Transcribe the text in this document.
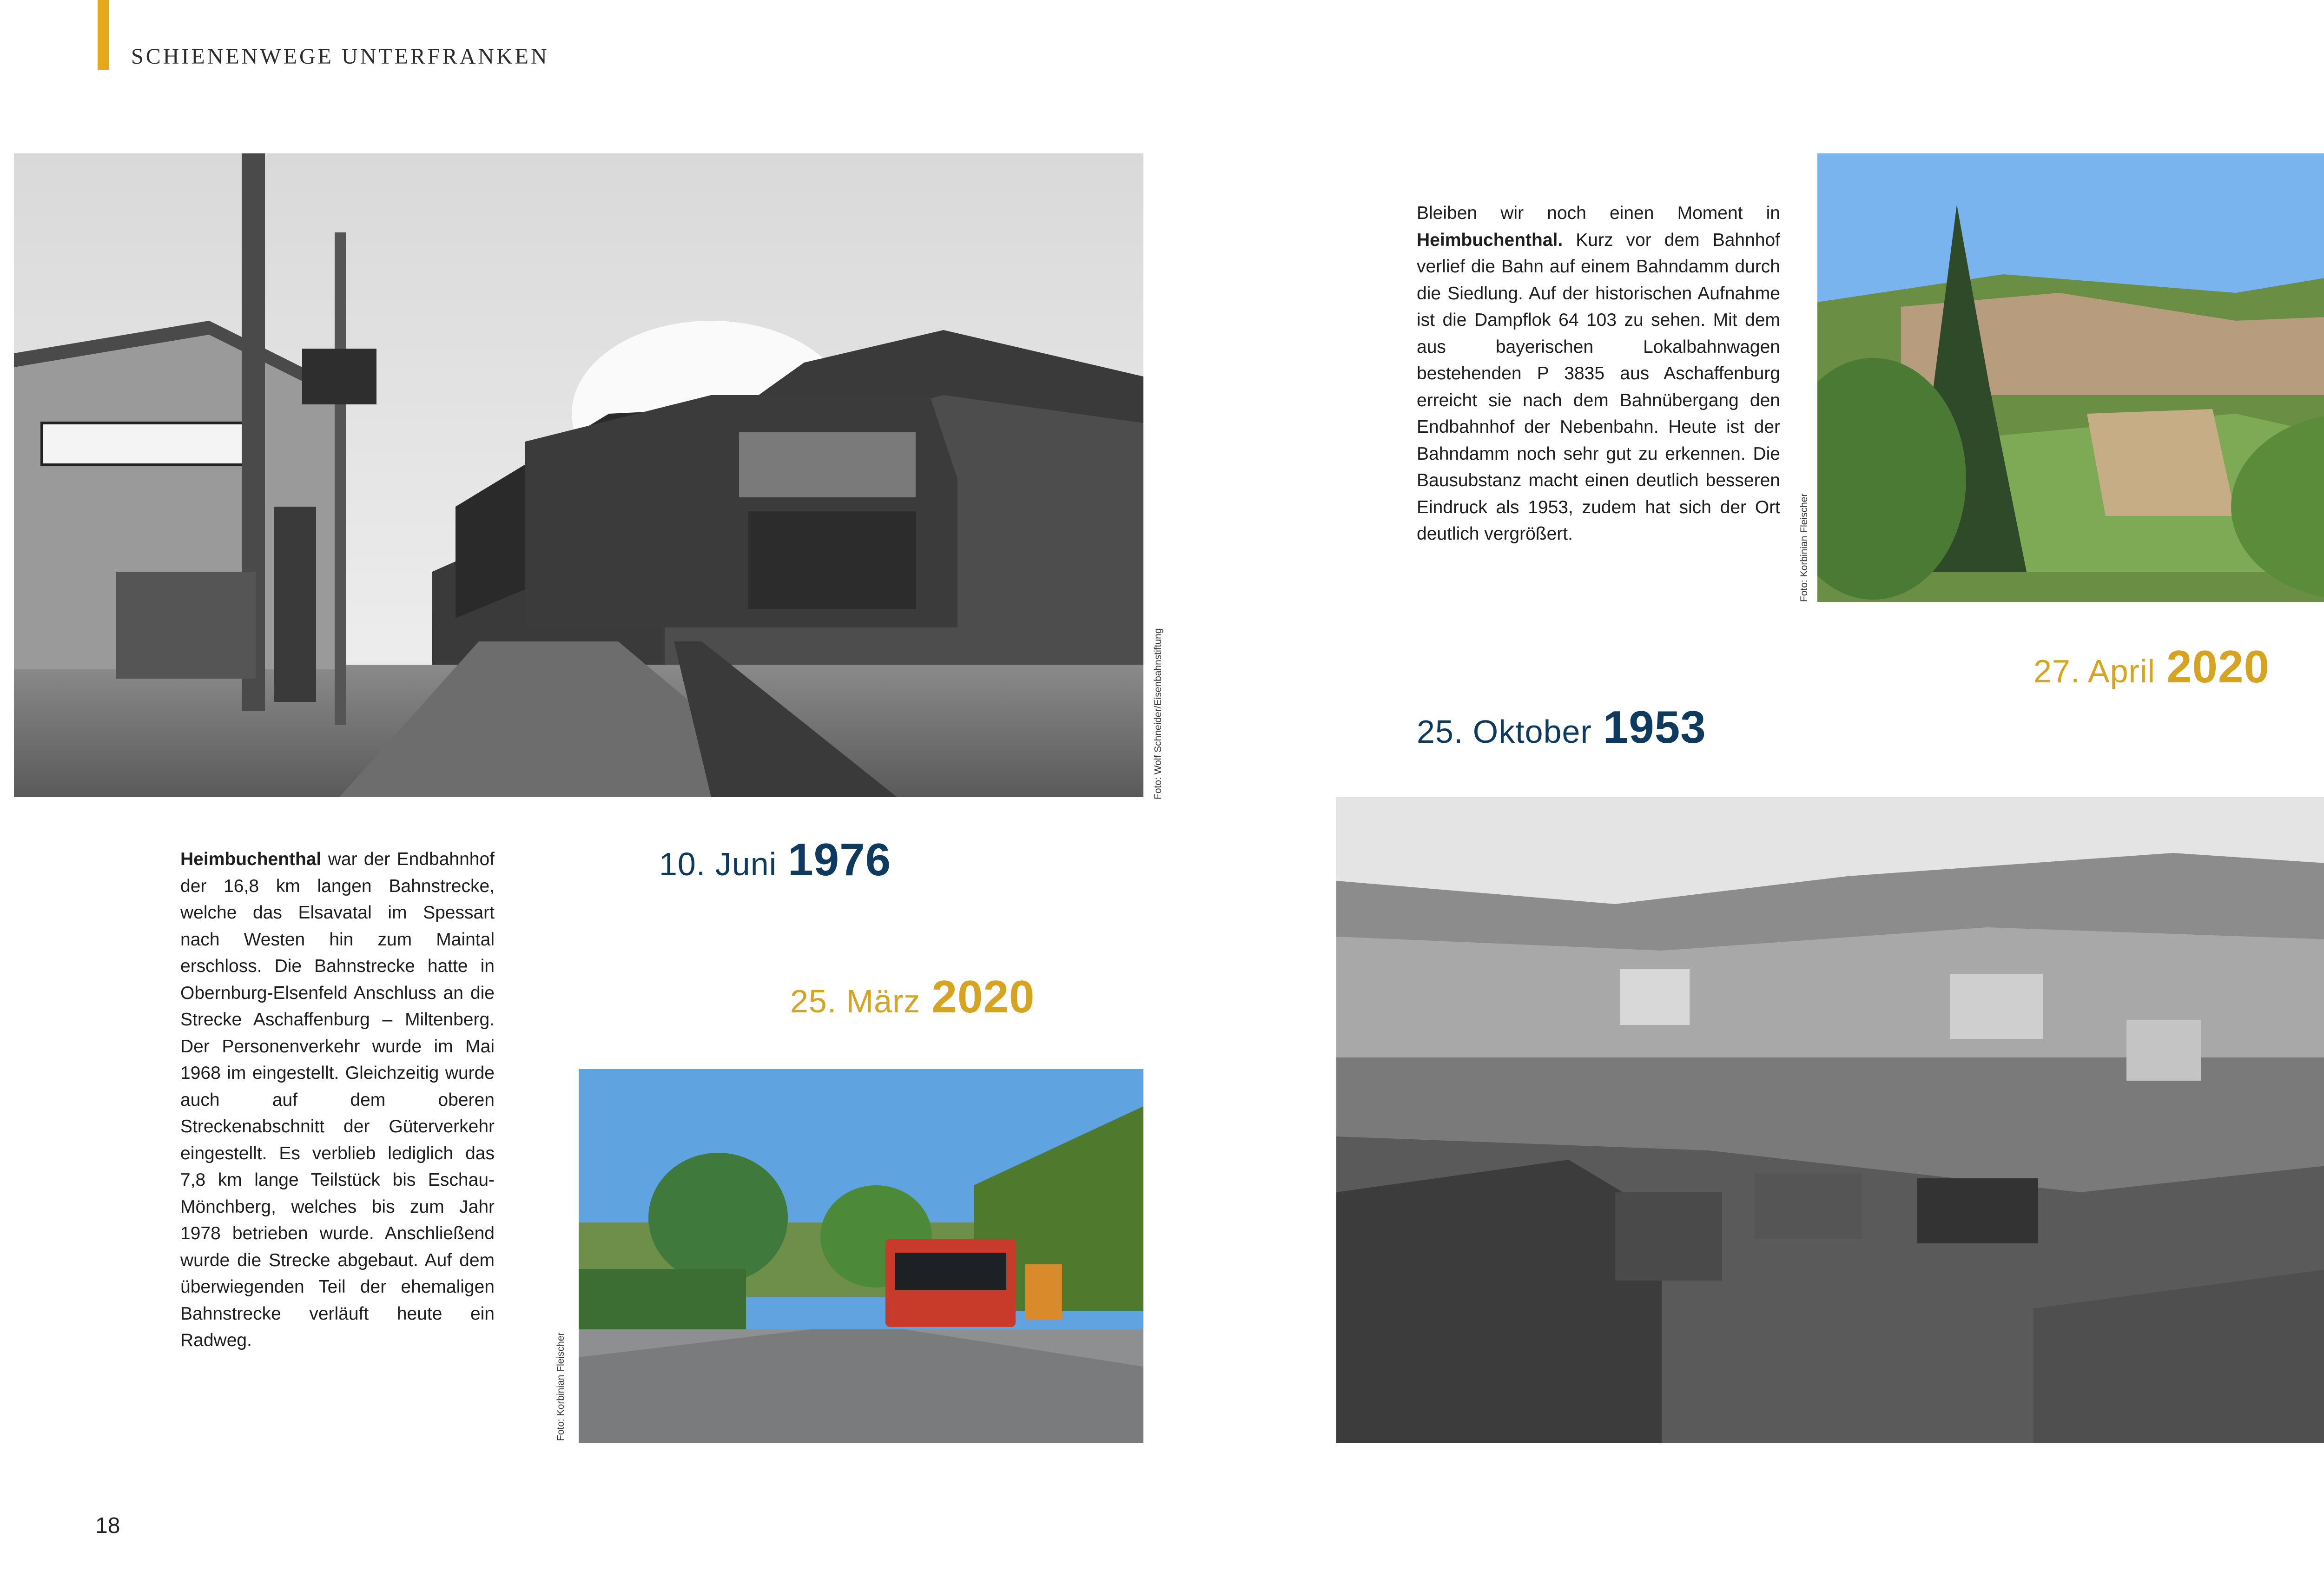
SCHIENENWEGE UNTERFRANKEN
Foto: Wolf Schneider/Eisenbahnstiftung

Heimbuchenthal war der Endbahnhof der 16,8 km langen Bahnstrecke, welche das Elsavatal im Spessart nach Westen hin zum Maintal erschloss. Die Bahnstrecke hatte in Obernburg-Elsenfeld Anschluss an die Strecke Aschaffenburg – Miltenberg. Der Personenverkehr wurde im Mai 1968 im eingestellt. Gleichzeitig wurde auch auf dem oberen Streckenabschnitt der Güterverkehr eingestellt. Es verblieb lediglich das 7,8 km lange Teilstück bis Eschau-Mönchberg, welches bis zum Jahr 1978 betrieben wurde. Anschließend wurde die Strecke abgebaut. Auf dem überwiegenden Teil der ehemaligen Bahnstrecke verläuft heute ein Radweg.

10. Juni 1976
25. März 2020
Foto: Korbinian Fleischer
18

Bleiben wir noch einen Moment in Heimbuchenthal. Kurz vor dem Bahnhof verlief die Bahn auf einem Bahndamm durch die Siedlung. Auf der historischen Aufnahme ist die Dampflok 64 103 zu sehen. Mit dem aus bayerischen Lokalbahnwagen bestehenden P 3835 aus Aschaffenburg erreicht sie nach dem Bahnübergang den Endbahnhof der Nebenbahn. Heute ist der Bahndamm noch sehr gut zu erkennen. Die Bausubstanz macht einen deutlich besseren Eindruck als 1953, zudem hat sich der Ort deutlich vergrößert.	Foto: Korbinian Fleischer
27. April 2020
25. Oktober 1953
